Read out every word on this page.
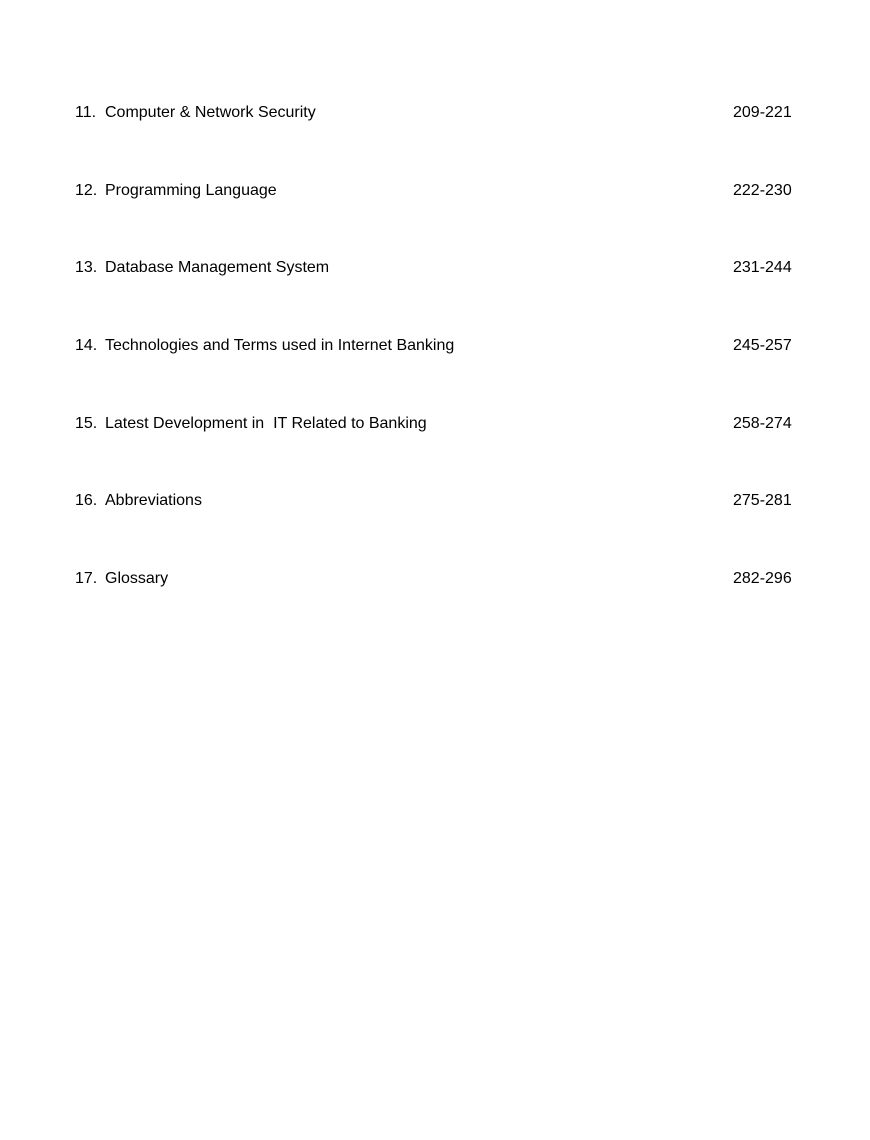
11. Computer & Network Security	209-221
12. Programming Language	222-230
13. Database Management System	231-244
14. Technologies and Terms used in Internet Banking	245-257
15. Latest Development in  IT Related to Banking	258-274
16. Abbreviations	275-281
17. Glossary	282-296
